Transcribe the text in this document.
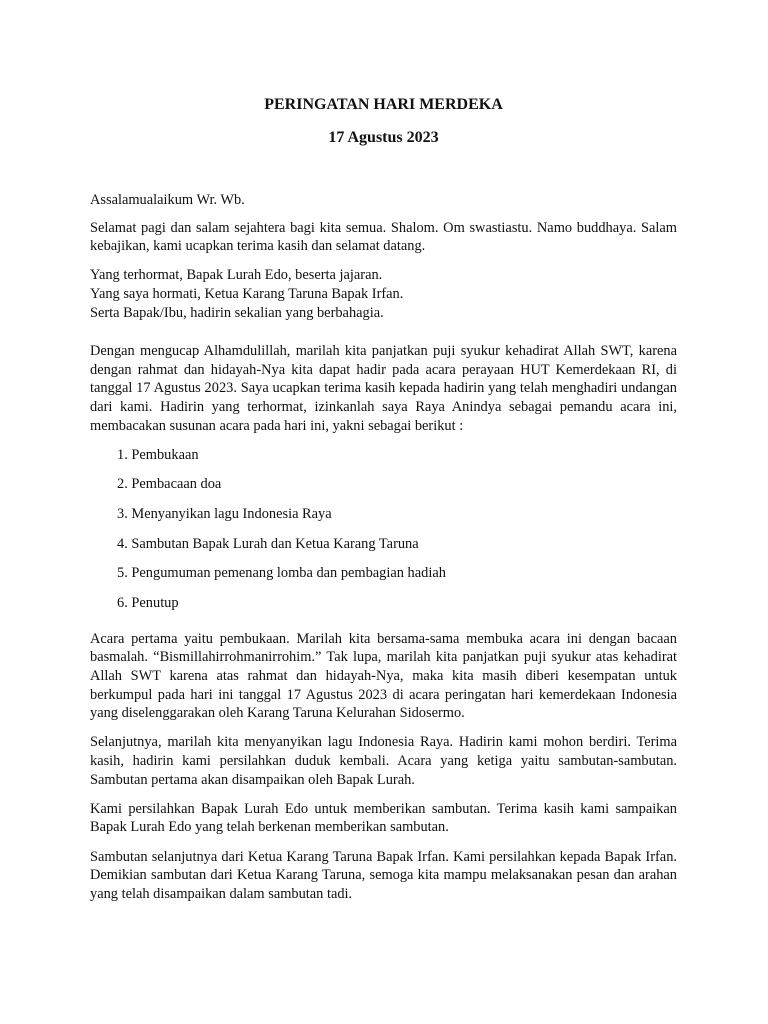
PERINGATAN HARI MERDEKA
17 Agustus 2023

Assalamualaikum Wr. Wb.

Selamat pagi dan salam sejahtera bagi kita semua. Shalom. Om swastiastu. Namo buddhaya. Salam kebajikan, kami ucapkan terima kasih dan selamat datang.

Yang terhormat, Bapak Lurah Edo, beserta jajaran.
Yang saya hormati, Ketua Karang Taruna Bapak Irfan.
Serta Bapak/Ibu, hadirin sekalian yang berbahagia.

Dengan mengucap Alhamdulillah, marilah kita panjatkan puji syukur kehadirat Allah SWT, karena dengan rahmat dan hidayah-Nya kita dapat hadir pada acara perayaan HUT Kemerdekaan RI, di tanggal 17 Agustus 2023. Saya ucapkan terima kasih kepada hadirin yang telah menghadiri undangan dari kami. Hadirin yang terhormat, izinkanlah saya Raya Anindya sebagai pemandu acara ini, membacakan susunan acara pada hari ini, yakni sebagai berikut :

1. Pembukaan
2. Pembacaan doa
3. Menyanyikan lagu Indonesia Raya
4. Sambutan Bapak Lurah dan Ketua Karang Taruna
5. Pengumuman pemenang lomba dan pembagian hadiah
6. Penutup

Acara pertama yaitu pembukaan. Marilah kita bersama-sama membuka acara ini dengan bacaan basmalah. “Bismillahirrohmanirrohim.” Tak lupa, marilah kita panjatkan puji syukur atas kehadirat Allah SWT karena atas rahmat dan hidayah-Nya, maka kita masih diberi kesempatan untuk berkumpul pada hari ini tanggal 17 Agustus 2023 di acara peringatan hari kemerdekaan Indonesia yang diselenggarakan oleh Karang Taruna Kelurahan Sidosermo.

Selanjutnya, marilah kita menyanyikan lagu Indonesia Raya. Hadirin kami mohon berdiri. Terima kasih, hadirin kami persilahkan duduk kembali. Acara yang ketiga yaitu sambutan-sambutan. Sambutan pertama akan disampaikan oleh Bapak Lurah.

Kami persilahkan Bapak Lurah Edo untuk memberikan sambutan. Terima kasih kami sampaikan Bapak Lurah Edo yang telah berkenan memberikan sambutan.

Sambutan selanjutnya dari Ketua Karang Taruna Bapak Irfan. Kami persilahkan kepada Bapak Irfan. Demikian sambutan dari Ketua Karang Taruna, semoga kita mampu melaksanakan pesan dan arahan yang telah disampaikan dalam sambutan tadi.
